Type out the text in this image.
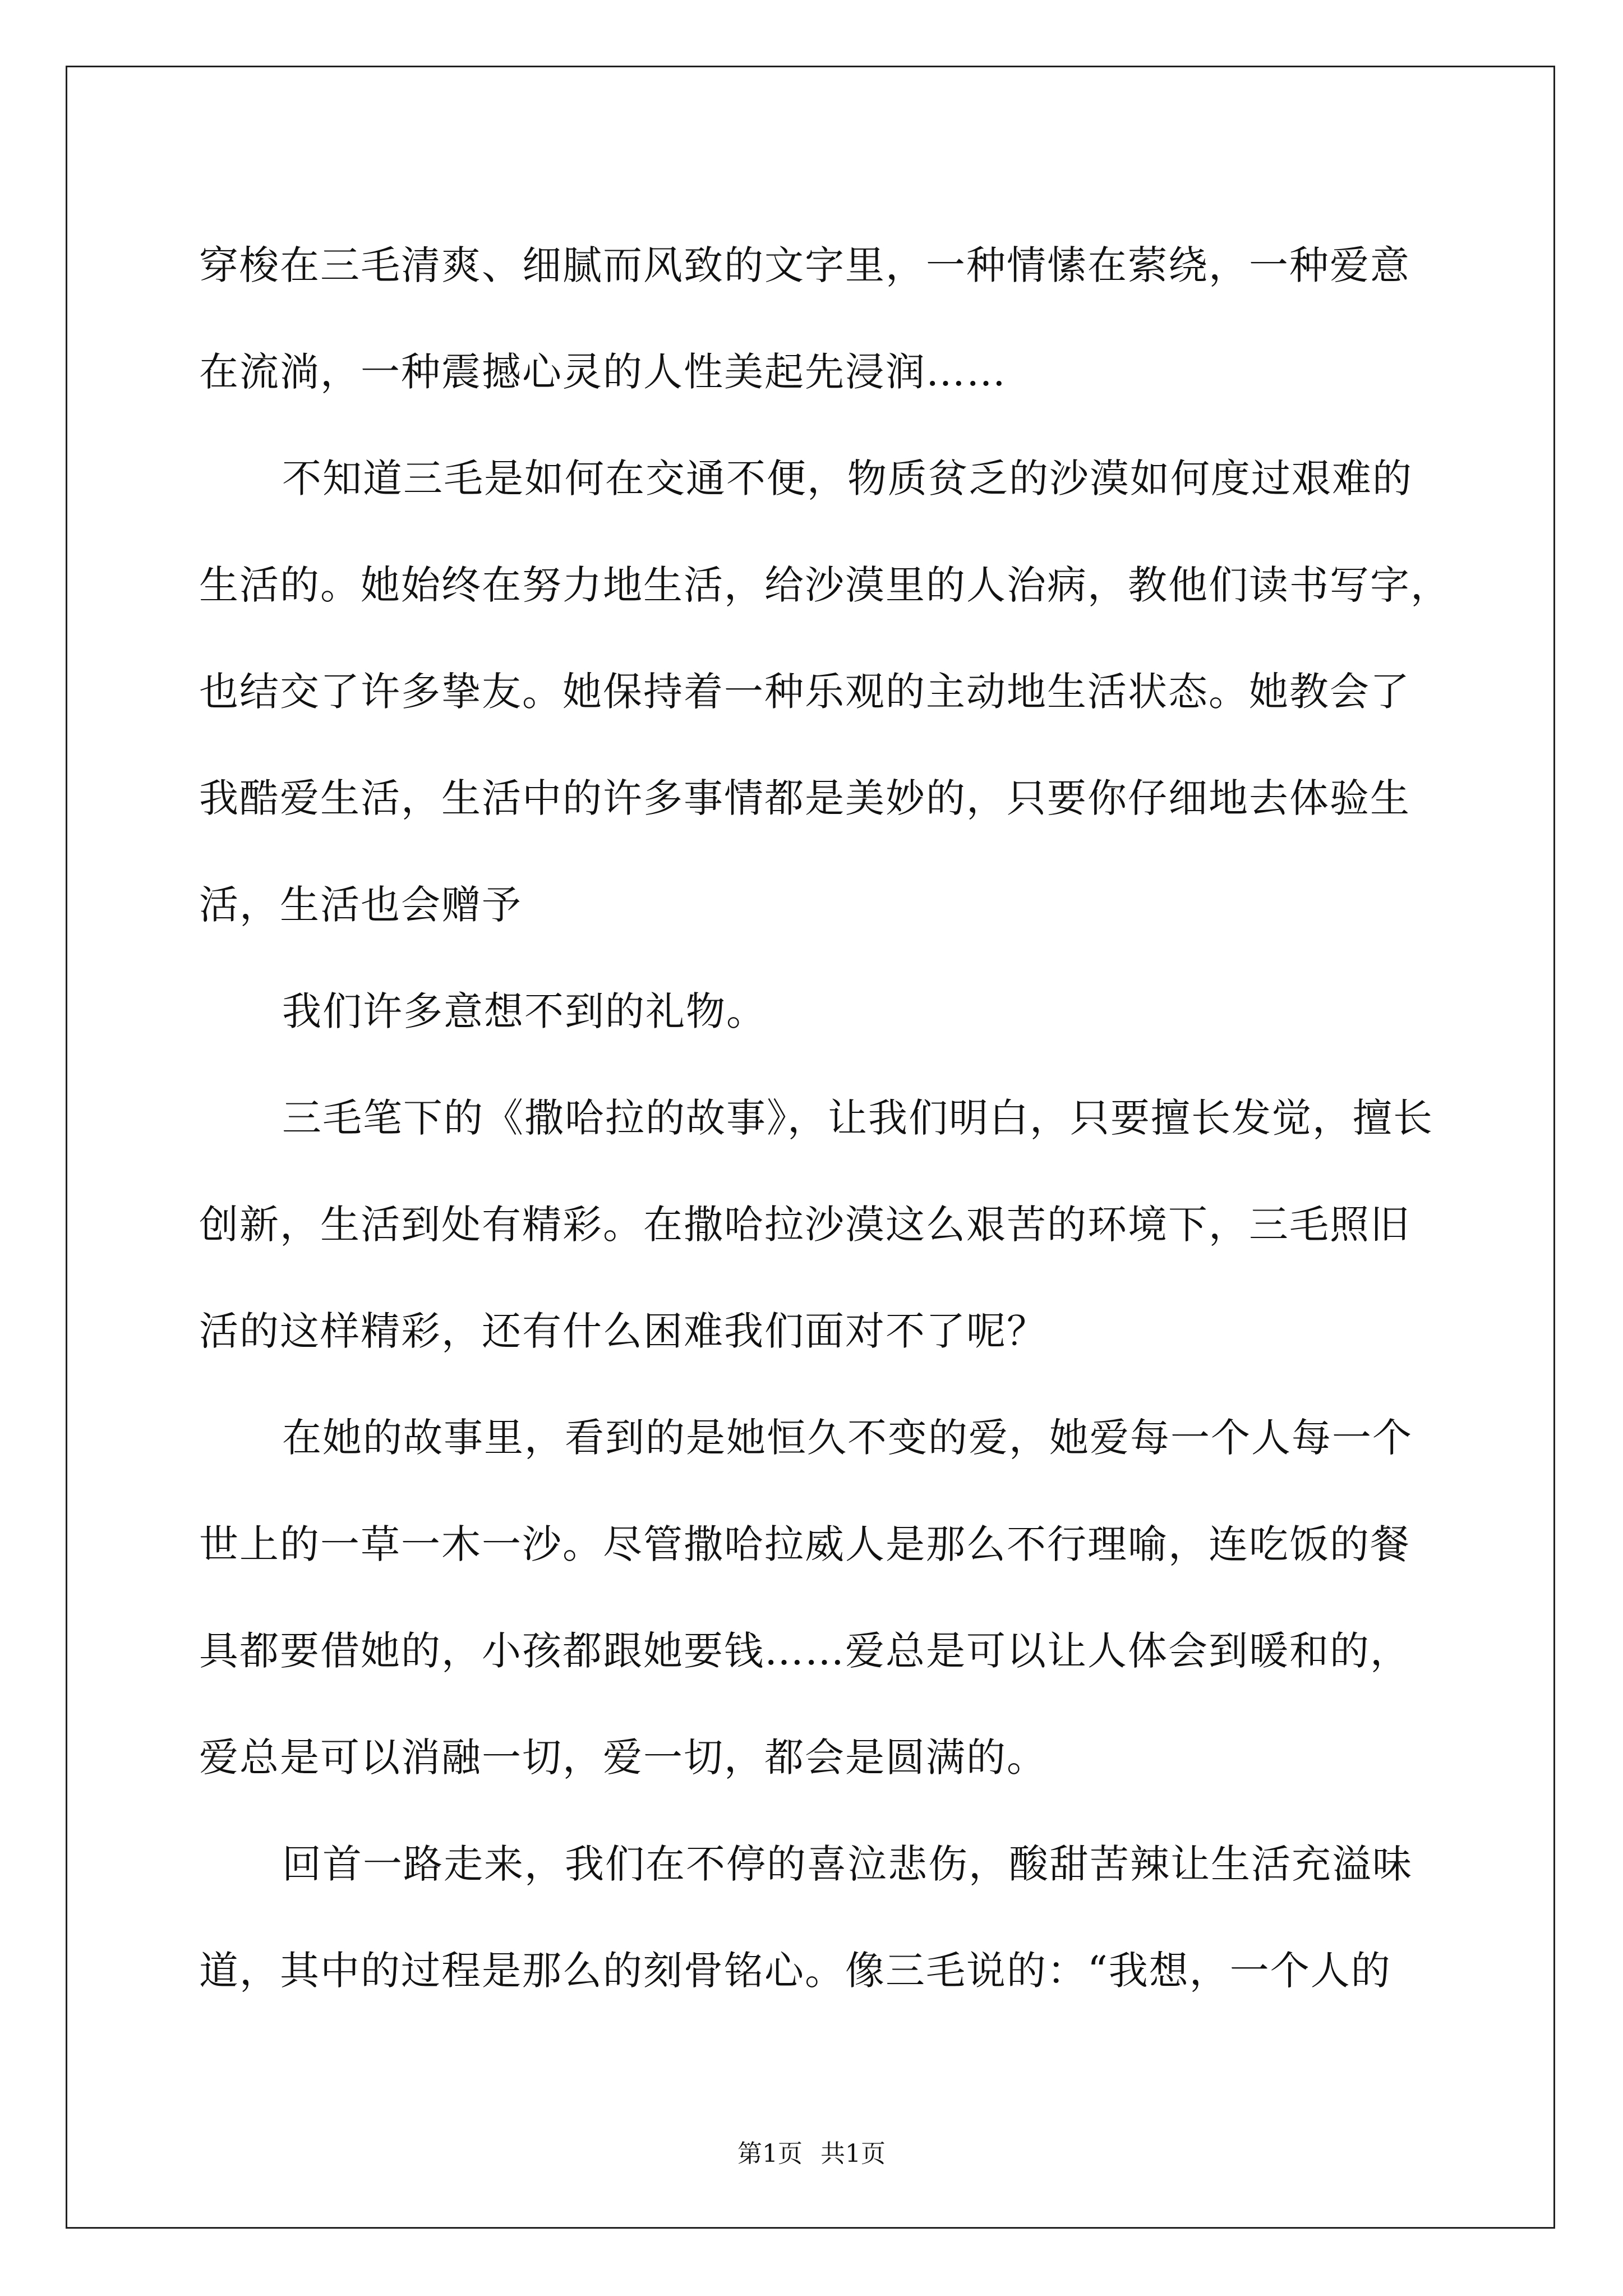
穿梭在三毛清爽、细腻而风致的文字里，一种情愫在萦绕，一种爱意
在流淌，一种震撼心灵的人性美起先浸润……
不知道三毛是如何在交通不便，物质贫乏的沙漠如何度过艰难的
生活的。她始终在努力地生活，给沙漠里的人治病，教他们读书写字，
也结交了许多挚友。她保持着一种乐观的主动地生活状态。她教会了
我酷爱生活，生活中的许多事情都是美妙的，只要你仔细地去体验生
活，生活也会赠予
我们许多意想不到的礼物。
三毛笔下的《撒哈拉的故事》，让我们明白，只要擅长发觉，擅长
创新，生活到处有精彩。在撒哈拉沙漠这么艰苦的环境下，三毛照旧
活的这样精彩，还有什么困难我们面对不了呢？
在她的故事里，看到的是她恒久不变的爱，她爱每一个人每一个
世上的一草一木一沙。尽管撒哈拉威人是那么不行理喻，连吃饭的餐
具都要借她的，小孩都跟她要钱……爱总是可以让人体会到暖和的，
爱总是可以消融一切，爱一切，都会是圆满的。
回首一路走来，我们在不停的喜泣悲伤，酸甜苦辣让生活充溢味
道，其中的过程是那么的刻骨铭心。像三毛说的：“我想，一个人的
第1页 共1页
